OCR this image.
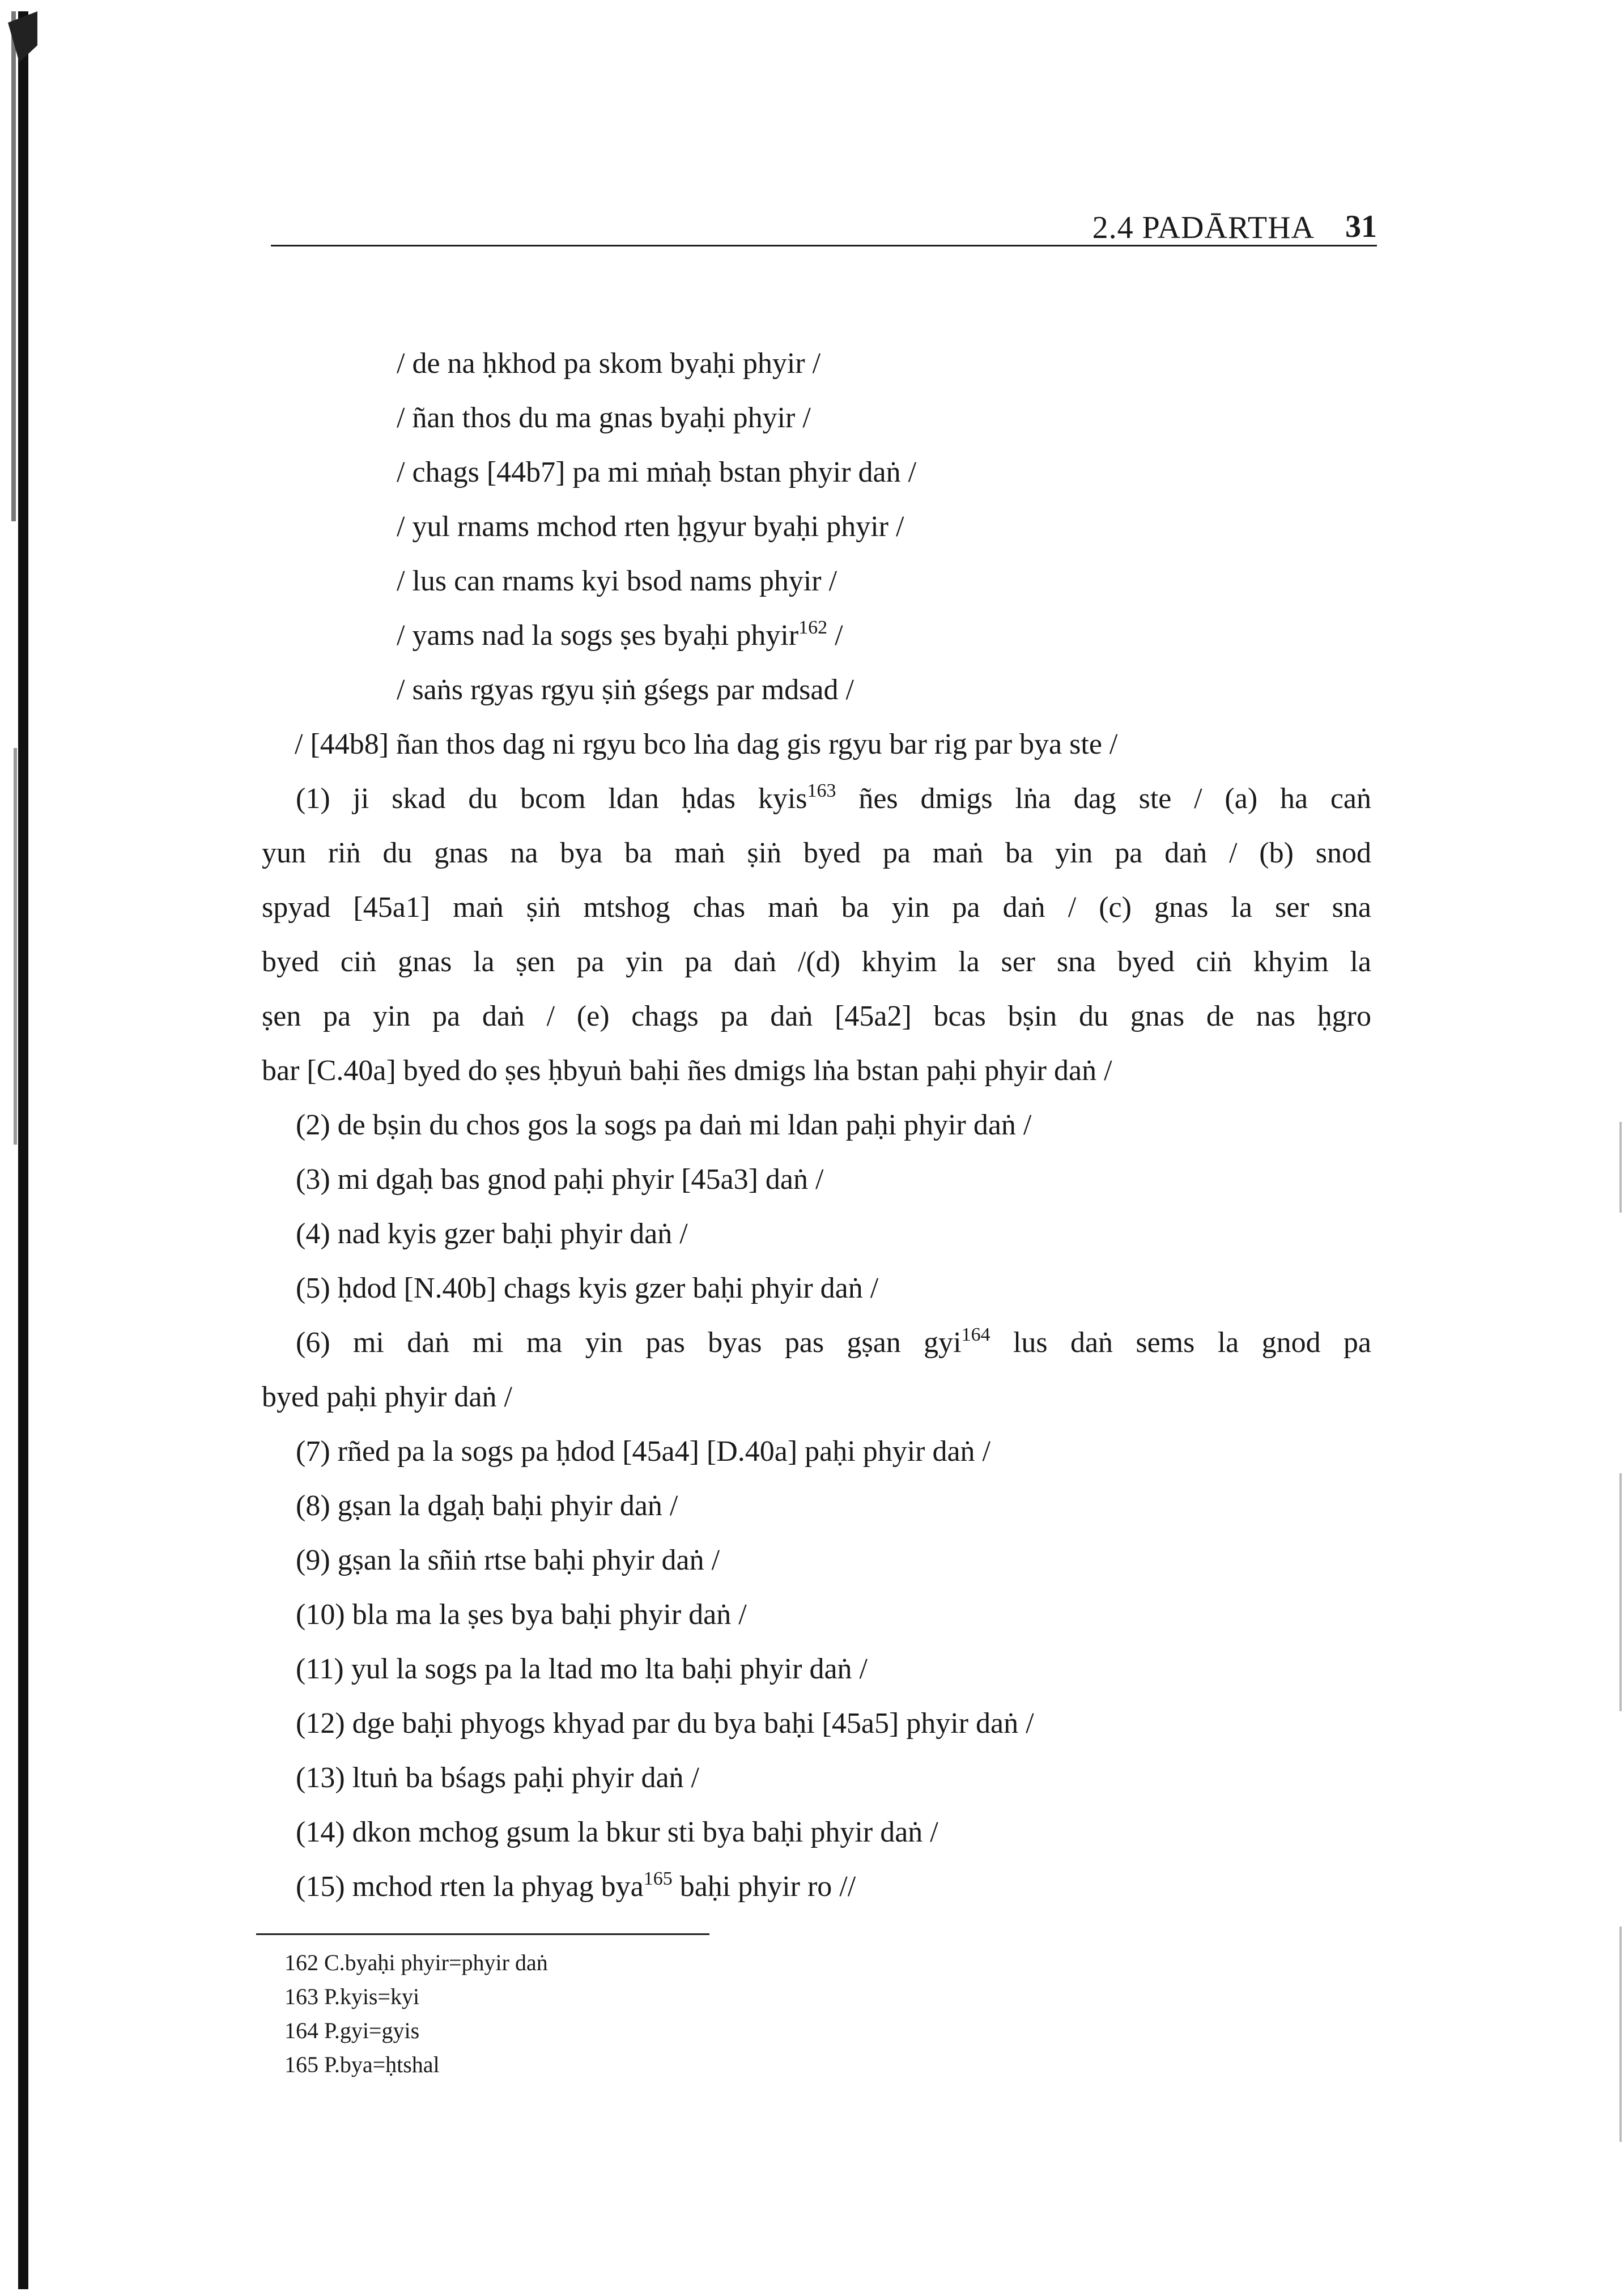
2.4 PADĀRTHA 31
/ de na ḥkhod pa skom byaḥi phyir /
/ ñan thos du ma gnas byaḥi phyir /
/ chags [44b7] pa mi mṅaḥ bstan phyir daṅ /
/ yul rnams mchod rten ḥgyur byaḥi phyir /
/ lus can rnams kyi bsod nams phyir /
/ yams nad la sogs ṣes byaḥi phyir$^{162}$ /
/ saṅs rgyas rgyu ṣiṅ gśegs par mdsad /
/ [44b8] ñan thos dag ni rgyu bco lṅa dag gis rgyu bar rig par bya ste /
(1) ji skad du bcom ldan ḥdas kyis$^{163}$ ñes dmigs lṅa dag ste / (a) ha caṅ
yun riṅ du gnas na bya ba maṅ ṣiṅ byed pa maṅ ba yin pa daṅ / (b) snod
spyad [45a1] maṅ ṣiṅ mtshog chas maṅ ba yin pa daṅ / (c) gnas la ser sna
byed ciṅ gnas la ṣen pa yin pa daṅ /(d) khyim la ser sna byed ciṅ khyim la
ṣen pa yin pa daṅ / (e) chags pa daṅ [45a2] bcas bṣin du gnas de nas ḥgro
bar [C.40a] byed do ṣes ḥbyuṅ baḥi ñes dmigs lṅa bstan paḥi phyir daṅ /
(2) de bṣin du chos gos la sogs pa daṅ mi ldan paḥi phyir daṅ /
(3) mi dgaḥ bas gnod paḥi phyir [45a3] daṅ /
(4) nad kyis gzer baḥi phyir daṅ /
(5) ḥdod [N.40b] chags kyis gzer baḥi phyir daṅ /
(6) mi daṅ mi ma yin pas byas pas gṣan gyi$^{164}$ lus daṅ sems la gnod pa
byed paḥi phyir daṅ /
(7) rñed pa la sogs pa ḥdod [45a4] [D.40a] paḥi phyir daṅ /
(8) gṣan la dgaḥ baḥi phyir daṅ /
(9) gṣan la sñiṅ rtse baḥi phyir daṅ /
(10) bla ma la ṣes bya baḥi phyir daṅ /
(11) yul la sogs pa la ltad mo lta baḥi phyir daṅ /
(12) dge baḥi phyogs khyad par du bya baḥi [45a5] phyir daṅ /
(13) ltuṅ ba bśags paḥi phyir daṅ /
(14) dkon mchog gsum la bkur sti bya baḥi phyir daṅ /
(15) mchod rten la phyag bya$^{165}$ baḥi phyir ro //
162 C.byaḥi phyir=phyir daṅ
163 P.kyis=kyi
164 P.gyi=gyis
165 P.bya=ḥtshal
